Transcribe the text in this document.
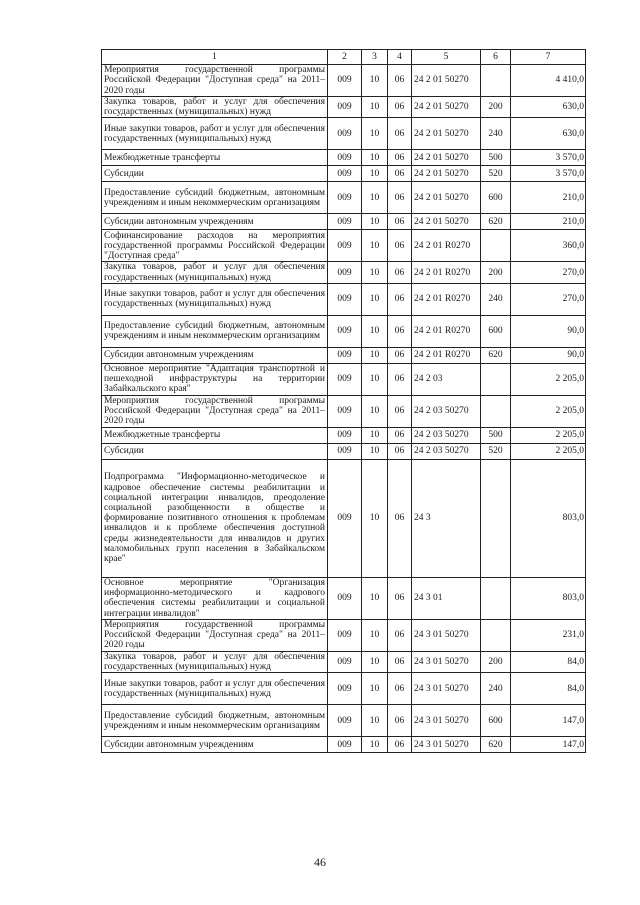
1	2	3	4	5	6	7
Мероприятия государственной программы Российской Федерации "Доступная среда" на 2011–2020 годы	009	10	06	24 2 01 50270		4 410,0
Закупка товаров, работ и услуг для обеспечения государственных (муниципальных) нужд	009	10	06	24 2 01 50270	200	630,0
Иные закупки товаров, работ и услуг для обеспечения государственных (муниципальных) нужд	009	10	06	24 2 01 50270	240	630,0
Межбюджетные трансферты	009	10	06	24 2 01 50270	500	3 570,0
Субсидии	009	10	06	24 2 01 50270	520	3 570,0
Предоставление субсидий бюджетным, автономным учреждениям и иным некоммерческим организациям	009	10	06	24 2 01 50270	600	210,0
Субсидии автономным учреждениям	009	10	06	24 2 01 50270	620	210,0
Софинансирование расходов на мероприятия государственной программы Российской Федерации "Доступная среда"	009	10	06	24 2 01 R0270		360,0
Закупка товаров, работ и услуг для обеспечения государственных (муниципальных) нужд	009	10	06	24 2 01 R0270	200	270,0
Иные закупки товаров, работ и услуг для обеспечения государственных (муниципальных) нужд	009	10	06	24 2 01 R0270	240	270,0
Предоставление субсидий бюджетным, автономным учреждениям и иным некоммерческим организациям	009	10	06	24 2 01 R0270	600	90,0
Субсидии автономным учреждениям	009	10	06	24 2 01 R0270	620	90,0
Основное мероприятие "Адаптация транспортной и пешеходной инфраструктуры на территории Забайкальского края"	009	10	06	24 2 03		2 205,0
Мероприятия государственной программы Российской Федерации "Доступная среда" на 2011–2020 годы	009	10	06	24 2 03 50270		2 205,0
Межбюджетные трансферты	009	10	06	24 2 03 50270	500	2 205,0
Субсидии	009	10	06	24 2 03 50270	520	2 205,0
Подпрограмма "Информационно-методическое и кадровое обеспечение системы реабилитации и социальной интеграции инвалидов, преодоление социальной разобщенности в обществе и формирование позитивного отношения к проблемам инвалидов и к проблеме обеспечения доступной среды жизнедеятельности для инвалидов и других маломобильных групп населения в Забайкальском крае"	009	10	06	24 3		803,0
Основное мероприятие "Организация информационно-методического и кадрового обеспечения системы реабилитации и социальной интеграции инвалидов"	009	10	06	24 3 01		803,0
Мероприятия государственной программы Российской Федерации "Доступная среда" на 2011–2020 годы	009	10	06	24 3 01 50270		231,0
Закупка товаров, работ и услуг для обеспечения государственных (муниципальных) нужд	009	10	06	24 3 01 50270	200	84,0
Иные закупки товаров, работ и услуг для обеспечения государственных (муниципальных) нужд	009	10	06	24 3 01 50270	240	84,0
Предоставление субсидий бюджетным, автономным учреждениям и иным некоммерческим организациям	009	10	06	24 3 01 50270	600	147,0
Субсидии автономным учреждениям	009	10	06	24 3 01 50270	620	147,0
46
